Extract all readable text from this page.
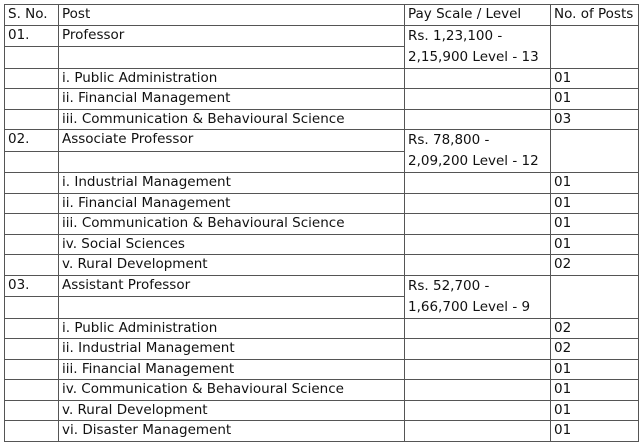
S. No.	Post	Pay Scale / Level	No. of Posts
01.	Professor	Rs. 1,23,100 -
2,15,900 Level - 13	

	i. Public Administration		01
	ii. Financial Management		01
	iii. Communication & Behavioural Science		03
02.	Associate Professor	Rs. 78,800 -
2,09,200 Level - 12	

	i. Industrial Management		01
	ii. Financial Management		01
	iii. Communication & Behavioural Science		01
	iv. Social Sciences		01
	v. Rural Development		02
03.	Assistant Professor	Rs. 52,700 -
1,66,700 Level - 9	

	i. Public Administration		02
	ii. Industrial Management		02
	iii. Financial Management		01
	iv. Communication & Behavioural Science		01
	v. Rural Development		01
	vi. Disaster Management		01
